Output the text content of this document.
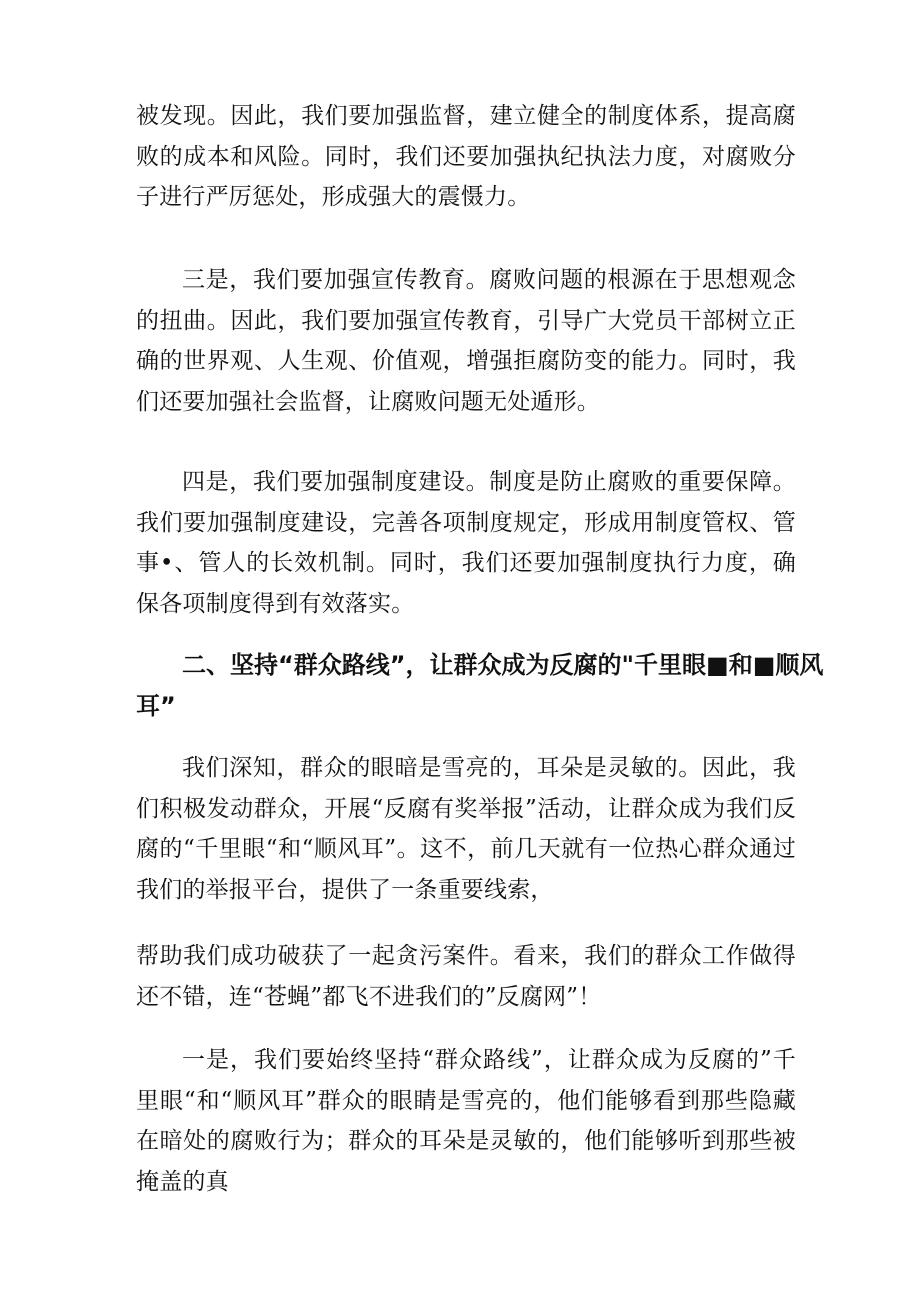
被发现。因此，我们要加强监督，建立健全的制度体系，提高腐败的成本和风险。同时，我们还要加强执纪执法力度，对腐败分子进行严厉惩处，形成强大的震慑力。

三是，我们要加强宣传教育。腐败问题的根源在于思想观念的扭曲。因此，我们要加强宣传教育，引导广大党员干部树立正确的世界观、人生观、价值观，增强拒腐防变的能力。同时，我们还要加强社会监督，让腐败问题无处遁形。

四是，我们要加强制度建设。制度是防止腐败的重要保障。我们要加强制度建设，完善各项制度规定，形成用制度管权、管事•、管人的长效机制。同时，我们还要加强制度执行力度，确保各项制度得到有效落实。

二、坚持“群众路线”，让群众成为反腐的"千里眼■和■顺风
耳”

我们深知，群众的眼暗是雪亮的，耳朵是灵敏的。因此，我们积极发动群众，开展“反腐有奖举报”活动，让群众成为我们反腐的“千里眼“和“顺风耳”。这不，前几天就有一位热心群众通过我们的举报平台，提供了一条重要线索，

帮助我们成功破获了一起贪污案件。看来，我们的群众工作做得还不错，连“苍蝇”都飞不进我们的”反腐网”！

一是，我们要始终坚持“群众路线”，让群众成为反腐的”千里眼“和“顺风耳”群众的眼睛是雪亮的，他们能够看到那些隐藏在暗处的腐败行为；群众的耳朵是灵敏的，他们能够听到那些被掩盖的真
